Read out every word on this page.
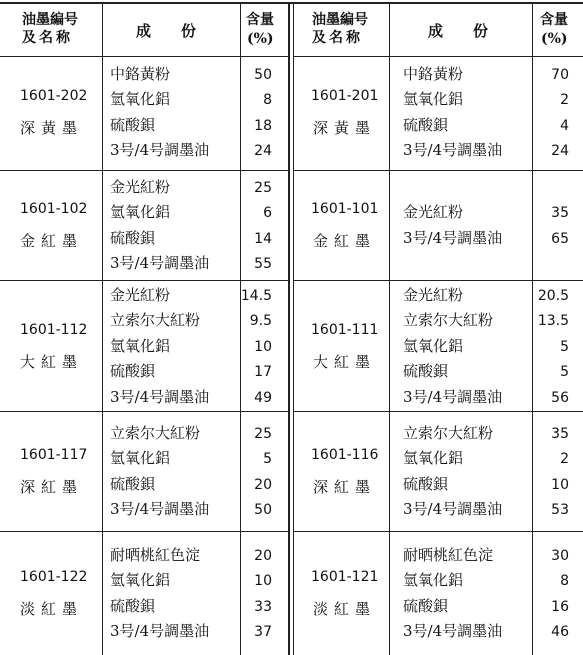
油墨編号
及名称	成　　份
含量
(%)
油墨編号
及名称	成　　份
含量
(%)
1601-202
深黃墨
中鉻黃粉	50
氫氧化鋁	8
硫酸鋇	18
3号/4号調墨油	24
1601-102
金紅墨
金光紅粉	25
氫氧化鋁	6
硫酸鋇	14
3号/4号調墨油	55
1601-112
大紅墨
金光紅粉	14.5
立索尔大紅粉	9.5
氫氧化鋁	10
硫酸鋇	17
3号/4号調墨油	49
1601-117
深紅墨
立索尔大紅粉	25
氫氧化鋁	5
硫酸鋇	20
3号/4号調墨油	50
1601-122
淡紅墨
耐晒桃紅色淀	20
氫氧化鋁	10
硫酸鋇	33
3号/4号調墨油	37
1601-201
深黃墨
中鉻黃粉	70
氫氧化鋁	2
硫酸鋇	4
3号/4号調墨油	24
1601-101
金紅墨
金光紅粉	35
3号/4号調墨油	65
1601-111
大紅墨
金光紅粉	20.5
立索尔大紅粉	13.5
氫氧化鋁	5
硫酸鋇	5
3号/4号調墨油	56
1601-116
深紅墨
立索尔大紅粉	35
氫氧化鋁	2
硫酸鋇	10
3号/4号調墨油	53
1601-121
淡紅墨
耐晒桃紅色淀	30
氫氧化鋁	8
硫酸鋇	16
3号/4号調墨油	46
